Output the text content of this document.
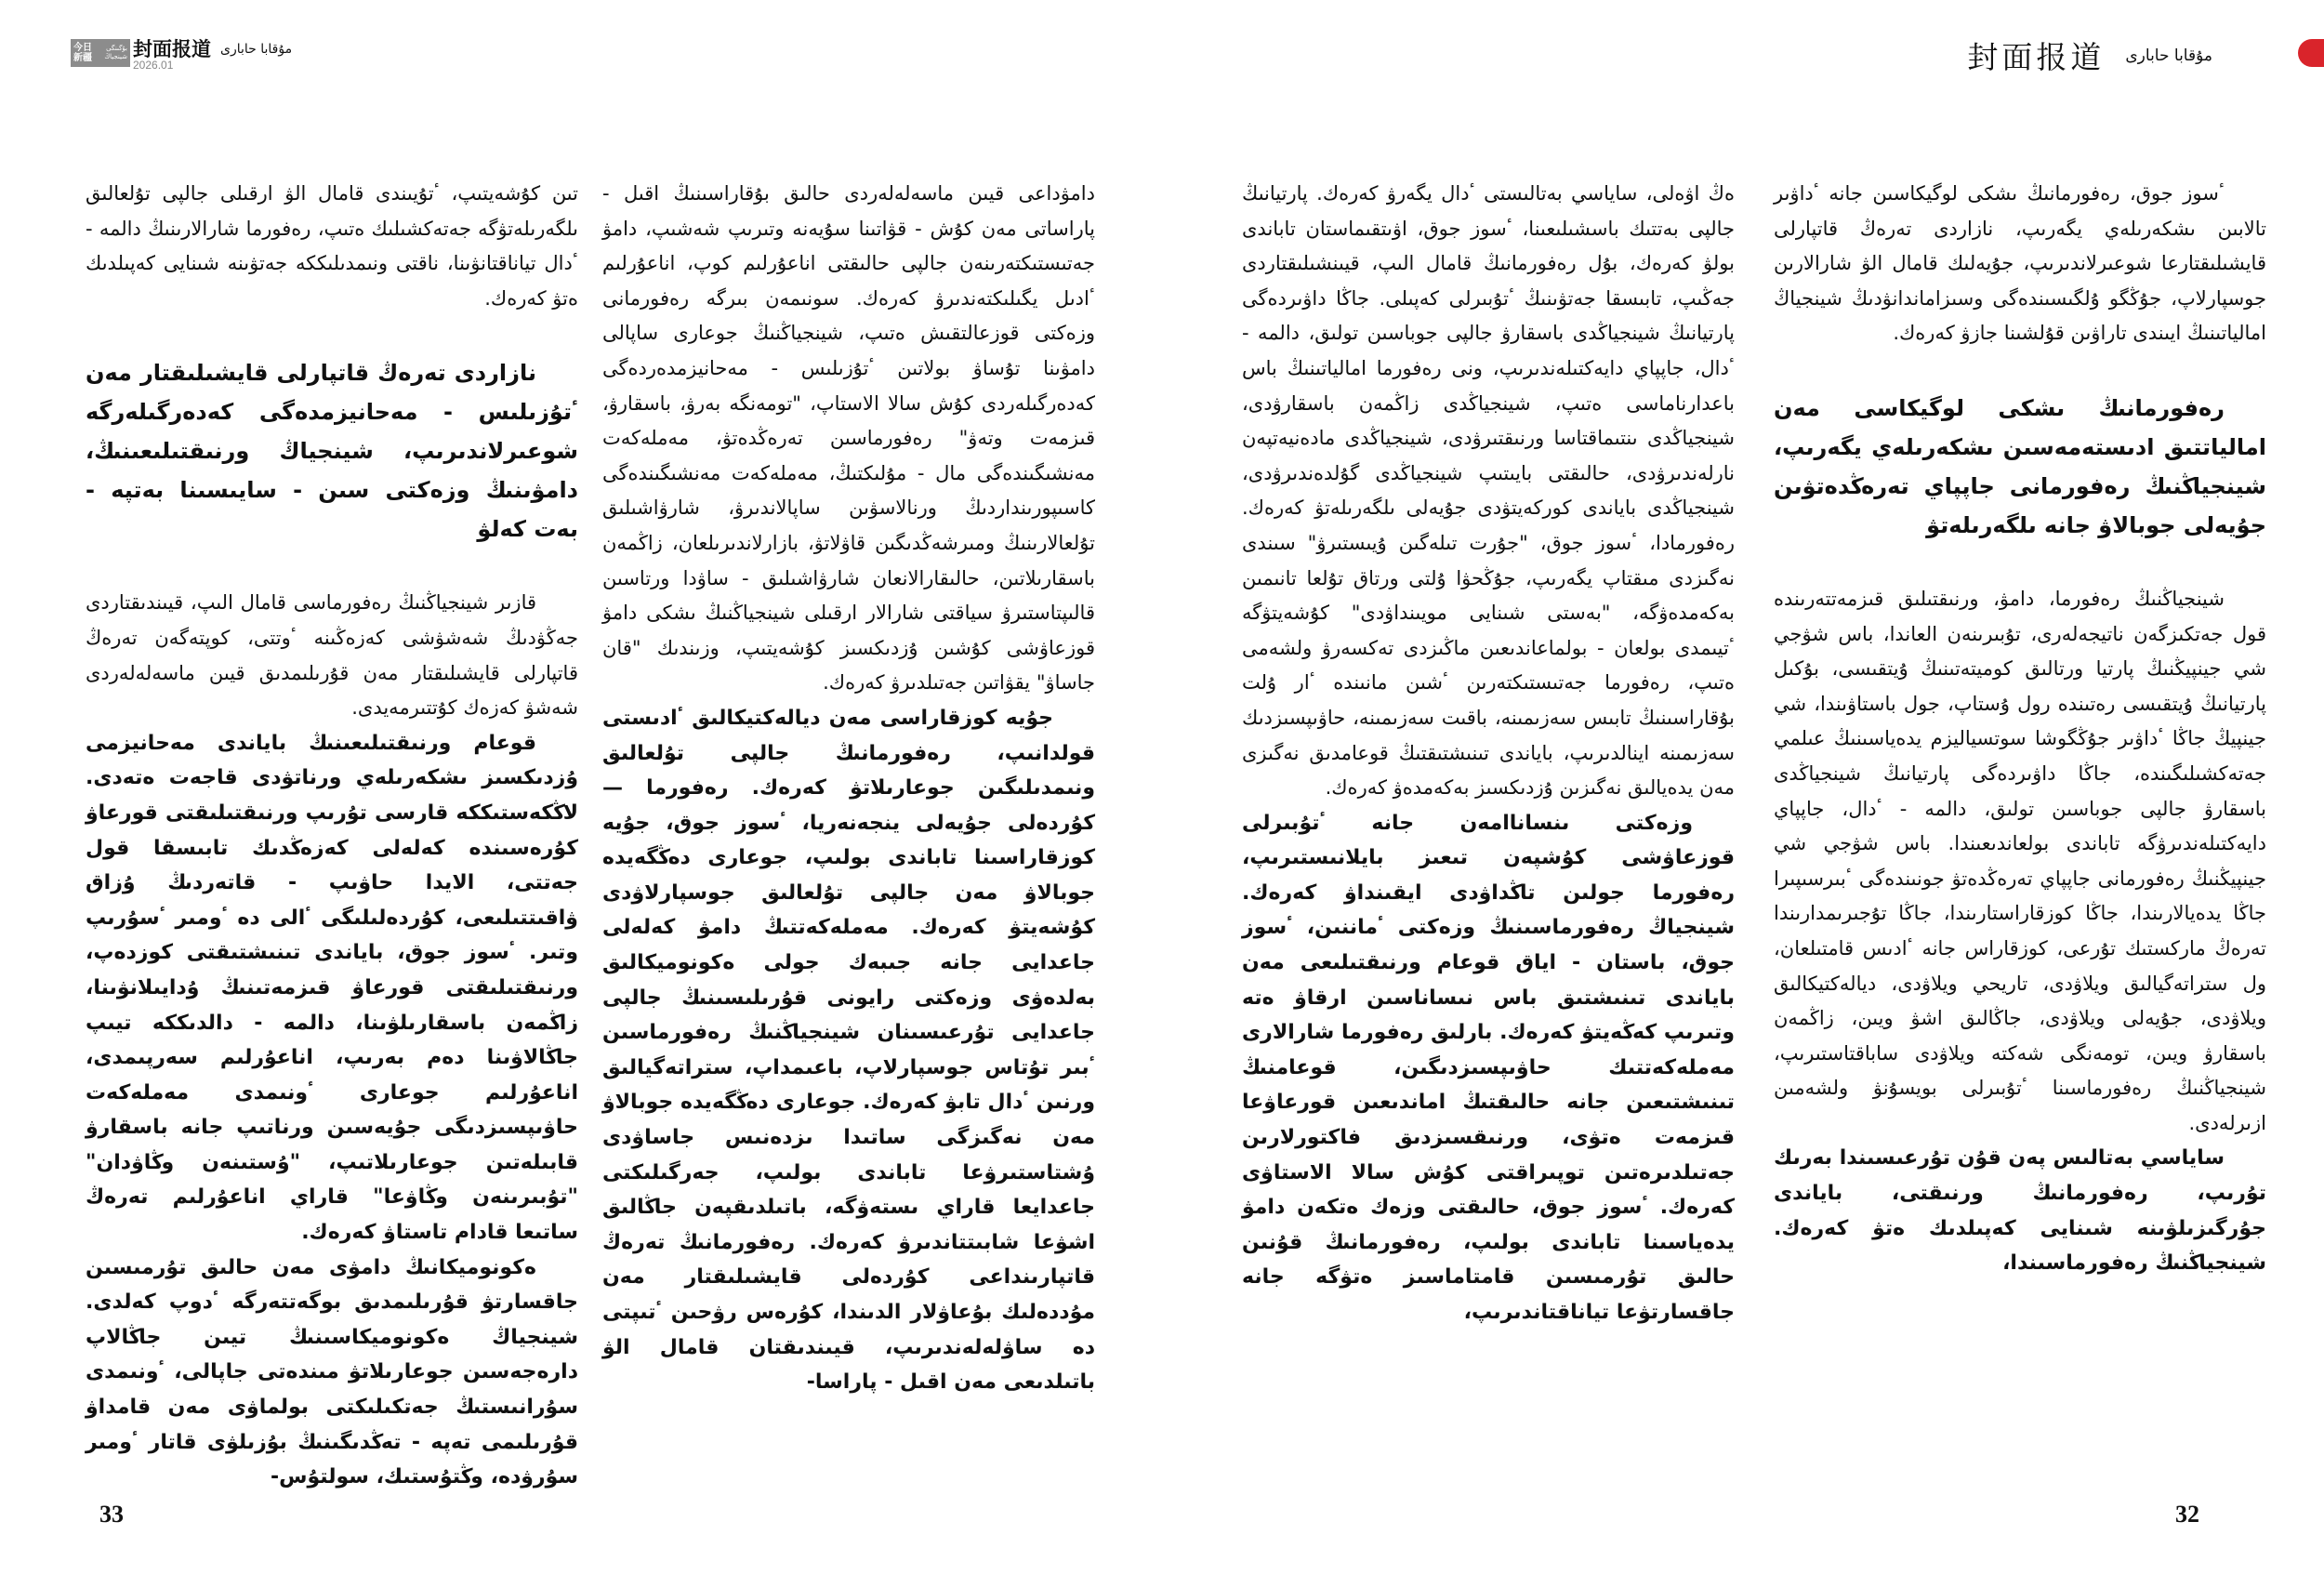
今日新疆
بۇگىنگى شينجياڭ 封面报道 مۇقابا حاباری
2026.01	封面报道 مۇقابا حاباری

ٴسوز جوق، رەفورمانىڭ ىشكى لوگيكاسىن جانە ٴداۋىر تالابىن ىشكەرىلەي يگەرىپ، نازاردى تەرەڭ قاتپارلى قايشىلىقتارعا شوعىرلاندىرىپ، جۇيەلىك قامال الۋ شارالارىن جوسپارلاپ، جۇڭگو ۇلگىسىندەگى وسىزاماندانۋدىڭ شينجياڭ امالياتىنىڭ ايىندى تاراۋىن قۇلشىنا جازۋ كەرەك.

رەفورمانىڭ ىشكى لوگيكاسى مەن امالياتتىق ادىستەمەسىن ىشكەرىلەي يگەرىپ، شينجياڭنىڭ رەفورمانى جاپپاي تەرەڭدەتۋىن جۇيەلى جوبالاۋ جانە ىلگەرىلەتۋ

شينجياڭنىڭ رەفورما، دامۋ، ورنىقتىلىق قىزمەتتەرىندە قول جەتكىزگەن ناتيجەلەرى، تۇبىرىنەن العاندا، باس شۋجي شي جينپيڭنىڭ پارتيا ورتالىق كوميتەتىنىڭ ۇيتقىسى، بۇكىل پارتيانىڭ ۇيتقىسى رەتىندە رول ۇستاپ، جول باستاۋىندا، شي جينپيڭ جاڭا ٴداۋىر جۇڭگوشا سوتسياليزم يدەياسىنىڭ عىلمي جەتەكشىلىگىندە، جاڭا داۋىردەگى پارتيانىڭ شينجياڭدى باسقارۋ جالپى جوباسىن تولىق، دالمە - ٴدال، جاپپاي دايەكتىلەندىرۋگە تاباندى بولعاندىعىندا. باس شۋجي شي جينپيڭنىڭ رەفورمانى جاپپاي تەرەڭدەتۋ جونىندەگى ٴبىرسىپىرا جاڭا يدەيالارىندا، جاڭا كوزقاراستارىندا، جاڭا تۇجىرىمدارىندا تەرەڭ ماركستىك تۇرعى، كوزقاراس جانە ٴادىس قامتىلعان، ول ستراتەگيالىق ويلاۋدى، تاريحي ويلاۋدى، ديالەكتيكالىق ويلاۋدى، جۇيەلى ويلاۋدى، جاڭالىق اشۋ ويىن، زاڭمەن باسقارۋ ويىن، تومەنگى شەكتە ويلاۋدى ساباقتاستىرىپ، شينجياڭنىڭ رەفورماسىنا ٴتۇبىرلى بويسۇنۋ ولشەمىن ازىرلەدى.

ساياسي بەتالىس پەن قۇن تۇرعىسىندا بەرىك تۇرىپ، رەفورمانىڭ ورنىقتى، باياندى جۇرگىزىلۋىنە شىنايى كەپىلدىك ەتۋ كەرەك. شينجياڭنىڭ رەفورماسىندا،

ەڭ اۋەلى، ساياسي بەتالىستى ٴدال يگەرۋ كەرەك. پارتيانىڭ جالپى بەتتىك باسشىلىعىنا، ٴسوز جوق، اۋىتقىماستان تاباندى بولۋ كەرەك، بۇل رەفورمانىڭ قامال الىپ، قيىنشىلىقتاردى جەڭىپ، تابىسقا جەتۋىنىڭ ٴتۇبىرلى كەپىلى. جاڭا داۋىردەگى پارتيانىڭ شينجياڭدى باسقارۋ جالپى جوباسىن تولىق، دالمە - ٴدال، جاپپاي دايەكتىلەندىرىپ، ونى رەفورما امالياتىنىڭ باس باعدارناماسى ەتىپ، شينجياڭدى زاڭمەن باسقارۋدى، شينجياڭدى ىنتىماقتاسا ورنىقتىرۋدى، شينجياڭدى مادەنيەتپەن نارلەندىرۋدى، حالىقتى بايىتىپ شينجياڭدى گۇلدەندىرۋدى، شينجياڭدى باياندى كوركەيتۋدى جۇيەلى ىلگەرىلەتۋ كەرەك. رەفورمادا، ٴسوز جوق، "جۇرت تىلەگىن ۇيىستىرۋ" سىندى نەگىزدى مىقتاپ يگەرىپ، جۇڭحۋا ۇلتى ورتاق تۇلعا تانىمىن بەكەمدەۋگە، "بەستى شىنايى مويىنداۋدى" كۇشەيتۋگە ٴتيىمدى بولعان - بولماعاندىعىن ماڭىزدى تەكسەرۋ ولشەمى ەتىپ، رەفورما جەتىستىكتەرىن ٴشىن مانىندە ٴار ۇلت بۇقاراسىنىڭ تابىس سەزىمىنە، باقىت سەزىمىنە، حاۋىپسىزدىك سەزىمىنە اينالدىرىپ، باياندى تىنىشتىقتىڭ قوعامدىق نەگىزى مەن يدەيالىق نەگىزىن ۇزدىكسىز بەكەمدەۋ كەرەك.

وزەكتى ىنساناامەن جانە ٴتۇبىرلى قوزعاۋشى كۇشپەن تىعىز بايلانىستىرىپ، رەفورما جولىن تاڭداۋدى ايقىنداۋ كەرەك. شينجياڭ رەفورماسىنىڭ وزەكتى ٴماننىن، ٴسوز جوق، باستان - اياق قوعام ورنىقتىلىعى مەن باياندى تىنىشتىق باس نىساناسىن ارقاۋ ەتە وتىرىپ كەڭەيتۋ كەرەك. بارلىق رەفورما شارالارى مەملەكەتتىك حاۋىپسىزدىگىن، قوعامنىڭ تىنىشتىعىن جانە حالىقتىڭ اماندىعىن قورعاۋعا قىزمەت ەتۋى، ورنىقسىزدىق فاكتورلارىن جەتىلدىرەتىن توپىراقتى كۇش سالا الاستاۋى كەرەك. ٴسوز جوق، حالىقتى وزەك ەتكەن دامۋ يدەياسىنا تاباندى بولىپ، رەفورمانىڭ قۇنىن حالىق تۇرمىسىن قامتاماسىز ەتۋگە جانە جاقسارتۋعا تياناقتاندىرىپ،

دامۋداعى قيىن ماسەلەلەردى حالىق بۇقاراسىنىڭ اقىل - پاراساتى مەن كۇش - قۋاتىنا سۇيەنە وتىرىپ شەشىپ، دامۋ جەتىستىكتەرىنەن جالپى حالىقتى اناعۇرلىم كوپ، اناعۇرلىم ٴادىل يگىلىكتەندىرۋ كەرەك. سونىمەن بىرگە رەفورمانى وزەكتى قوزعالتقىش ەتىپ، شينجياڭنىڭ جوعارى ساپالى دامۋىنا تۇساۋ بولاتىن ٴتۇزىلىس - مەحانيزمدەردەگى كەدەرگىلەردى كۇش سالا الاستاپ، "تومەنگە بەرۋ، باسقارۋ، قىزمەت وتەۋ" رەفورماسىن تەرەڭدەتۋ، مەملەكەت مەنشىگىندەگى مال - مۇلىكتىڭ، مەملەكەت مەنشىگىندەگى كاسىپورىنداردىڭ ورنالاسۋىن ساپالاندىرۋ، شارۋاشىلىق تۇلعالارىنىڭ ومىرشەڭدىگىن قاۋلاتۋ، بازارلاندىرىلعان، زاڭمەن باسقارىلاتىن، حالىقارالانعان شارۋاشىلىق - ساۋدا ورتاسىن قالىپتاستىرۋ سياقتى شارالار ارقىلى شينجياڭنىڭ ىشكى دامۋ قوزعاۋشى كۇشىن ۇزدىكسىز كۇشەيتىپ، وزىندىك "قان جاساۋ" يقۋاتىن جەتىلدىرۋ كەرەك.

جۇيە كوزقاراسى مەن ديالەكتيكالىق ٴادىستى قولدانىپ، رەفورمانىڭ جالپى تۇلعالىق ونىمدىلىگىن جوعارىلاتۋ كەرەك. رەفورما — كۇردەلى جۇيەلى ينجەنەريا، ٴسوز جوق، جۇيە كوزقاراسىنا تاباندى بولىپ، جوعارى دەڭگەيدە جوبالاۋ مەن جالپى تۇلعالىق جوسپارلاۋدى كۇشەيتۋ كەرەك. مەملەكەتتىڭ دامۋ كەلەلى جاعدايى جانە جىبەك جولى ەكونوميكالىق بەلدەۋى وزەكتى رايونى قۇرىلىسىنىڭ جالپى جاعدايى تۇرعىسىنان شينجياڭنىڭ رەفورماسىن ٴبىر تۇتاس جوسپارلاپ، باعىمداپ، ستراتەگيالىق ورنىن ٴدال تابۋ كەرەك. جوعارى دەڭگەيدە جوبالاۋ مەن نەگىزگى ساتىدا ىزدەنىس جاساۋدى ۇشتاستىرۋعا تاباندى بولىپ، جەرگىلىكتى جاعدايعا قاراي ىستەۋگە، باتىلدىقپەن جاڭالىق اشۋعا شابىتتاندىرۋ كەرەك. رەفورمانىڭ تەرەڭ قاتپارىنداعى كۇردەلى قايشىلىقتار مەن مۇددەلىك بۇعاۋلار الدىندا، كۇرەس رۋحىن ٴتىپتى دە ساۋلەلەندىرىپ، قيىندىقتان قامال الۋ باتىلدىعى مەن اقىل - پاراسا-

تىن كۇشەيتىپ، ٴتۇيىندى قامال الۋ ارقىلى جالپى تۇلعالىق ىلگەرىلەتۋگە جەتەكشىلىك ەتىپ، رەفورما شارالارىنىڭ دالمە - ٴدال تياناقتانۋىنا، ناقتى ونىمدىلىككە جەتۋىنە شىنايى كەپىلدىك ەتۋ كەرەك.

نازاردى تەرەڭ قاتپارلى قايشىلىقتار مەن ٴتۇزىلىس - مەحانيزمدەگى كەدەرگىلەرگە شوعىرلاندىرىپ، شينجياڭ ورنىقتىلىعىنىڭ، دامۋىنىڭ وزەكتى سىن - سايىسىنا بەتپە - بەت كەلۋ

قازىر شينجياڭنىڭ رەفورماسى قامال الىپ، قيىندىقتاردى جەڭۋدىڭ شەشۋشى كەزەڭىنە ٴوتتى، كوپتەگەن تەرەڭ قاتپارلى قايشىلىقتار مەن قۇرىلىمدىق قيىن ماسەلەلەردى شەشۋ كەزەك كۇتتىرمەيدى.

قوعام ورنىقتىلىعىنىڭ باياندى مەحانيزمى ۇزدىكسىز ىشكەرىلەي ورناتۋدى قاجەت ەتەدى. لاڭكەستىككە قارسى تۇرىپ ورنىقتىلىقتى قورعاۋ كۇرەسىندە كەلەلى كەزەڭدىك تابىسقا قول جەتتى، الايدا حاۋىپ - قاتەردىڭ ۇزاق ۋاقىتتىلىعى، كۇردەلىلىگى ٴالى دە ٴومىر ٴسۇرىپ وتىر. ٴسوز جوق، باياندى تىنىشتىقتى كوزدەپ، ورنىقتىلىقتى قورعاۋ قىزمەتىنىڭ ۇدايىلانۋىنا، زاڭمەن باسقارىلۋىنا، دالمە - دالدىككە تيىپ جاڭالاۋىنا دەم بەرىپ، اناعۇرلىم سەرپىمدى، اناعۇرلىم جوعارى ٴونىمدى مەملەكەت حاۋىپسىزدىگى جۇيەسىن ورناتىپ جانە باسقارۋ قابىلەتىن جوعارىلاتىپ، "ۇستىنەن وڭاۋدان" "تۇبىرىنەن وڭاۋعا" قاراي اناعۇرلىم تەرەڭ ساتىعا قادام تاستاۋ كەرەك.

ەكونوميكانىڭ دامۋى مەن حالىق تۇرمىسىن جاقسارتۋ قۇرىلىمدىق بوگەتتەرگە ٴدوپ كەلدى. شينجياڭ ەكونوميكاسىنىڭ تيىن جاڭالاپ دارەجەسىن جوعارىلاتۋ مىندەتى جاپالى، ٴونىمدى سۇرانىستىڭ جەتكىلىكتى بولماۋى مەن قامداۋ قۇرىلىمى تەپە - تەڭدىگىنىڭ بۇزىلۋى قاتار ٴومىر سۇرۋدە، وڭتۇستىك، سولتۇس-

33	32
